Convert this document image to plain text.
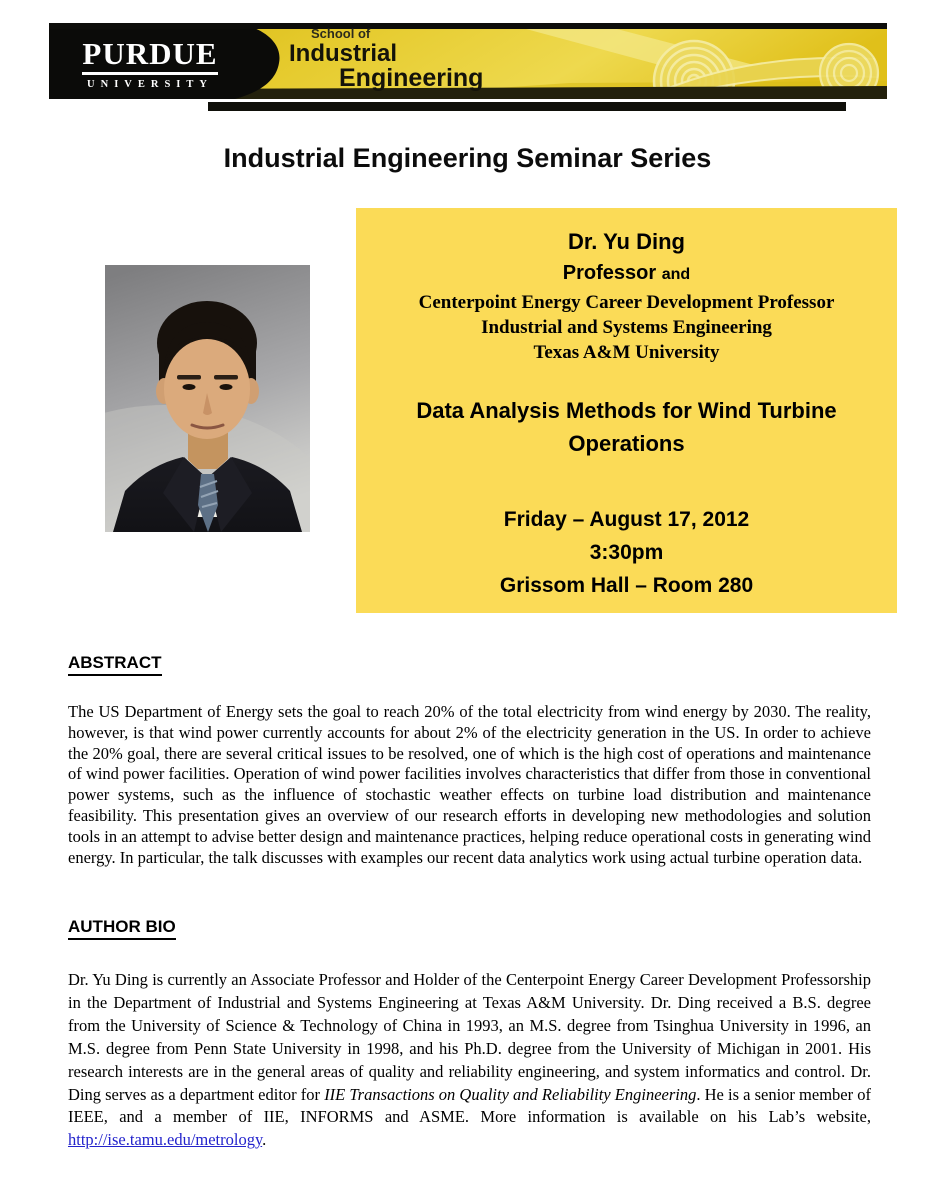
PURDUE
UNIVERSITY
School of
Industrial
Engineering
Industrial Engineering Seminar Series
Dr. Yu Ding
Professor and
Centerpoint Energy Career Development Professor
Industrial and Systems Engineering
Texas A&M University
Data Analysis Methods for Wind Turbine Operations
Friday – August 17, 2012
3:30pm
Grissom Hall – Room 280
ABSTRACT

The US Department of Energy sets the goal to reach 20% of the total electricity from wind energy by 2030. The reality, however, is that wind power currently accounts for about 2% of the electricity generation in the US. In order to achieve the 20% goal, there are several critical issues to be resolved, one of which is the high cost of operations and maintenance of wind power facilities. Operation of wind power facilities involves characteristics that differ from those in conventional power systems, such as the influence of stochastic weather effects on turbine load distribution and maintenance feasibility. This presentation gives an overview of our research efforts in developing new methodologies and solution tools in an attempt to advise better design and maintenance practices, helping reduce operational costs in generating wind energy. In particular, the talk discusses with examples our recent data analytics work using actual turbine operation data.

AUTHOR BIO

Dr. Yu Ding is currently an Associate Professor and Holder of the Centerpoint Energy Career Development Professorship in the Department of Industrial and Systems Engineering at Texas A&M University. Dr. Ding received a B.S. degree from the University of Science & Technology of China in 1993, an M.S. degree from Tsinghua University in 1996, an M.S. degree from Penn State University in 1998, and his Ph.D. degree from the University of Michigan in 2001. His research interests are in the general areas of quality and reliability engineering, and system informatics and control. Dr. Ding serves as a department editor for IIE Transactions on Quality and Reliability Engineering. He is a senior member of IEEE, and a member of IIE, INFORMS and ASME. More information is available on his Lab’s website, http://ise.tamu.edu/metrology.
